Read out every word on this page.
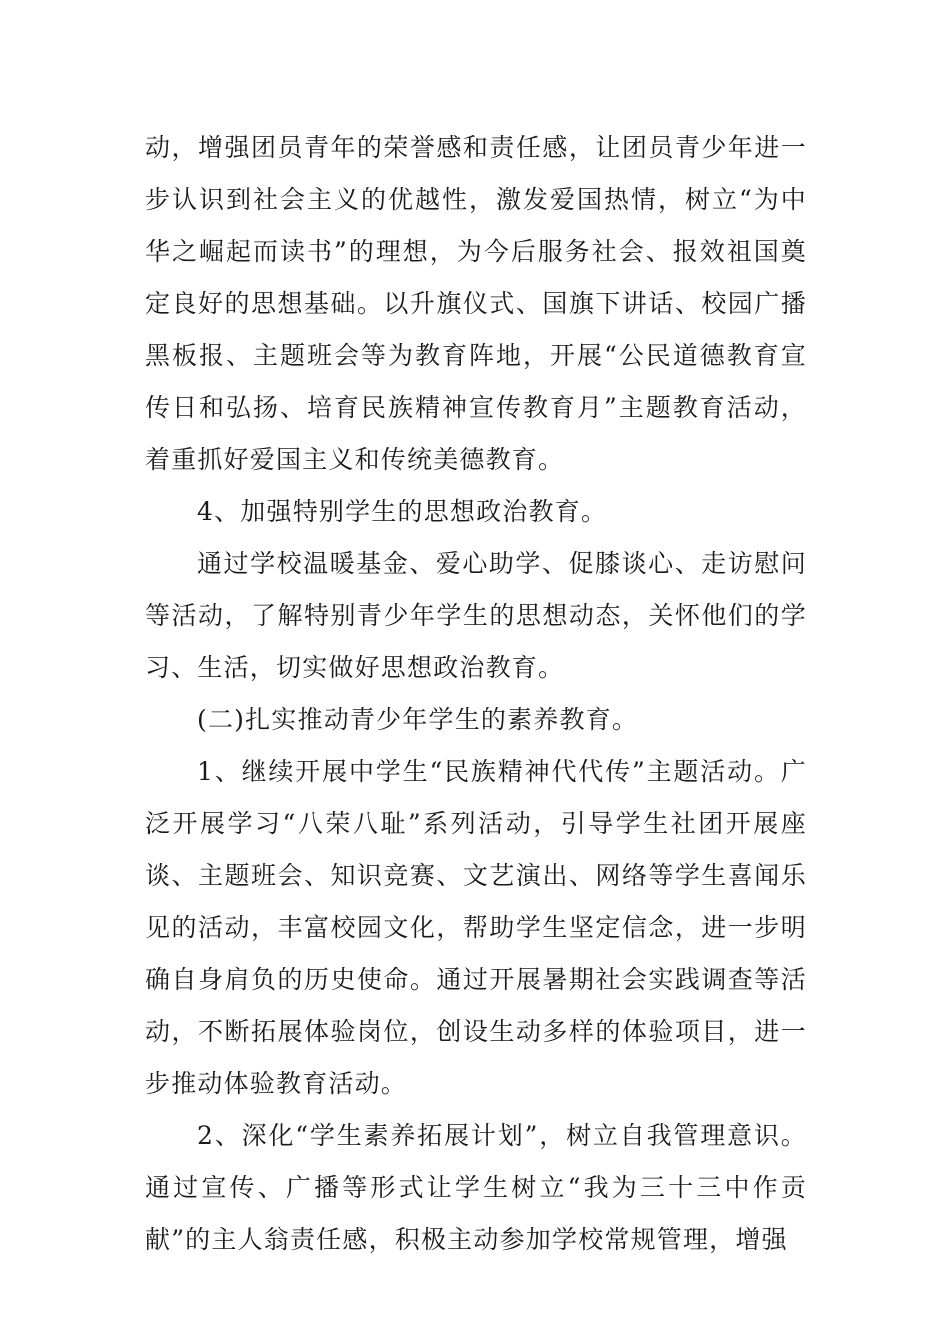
动，增强团员青年的荣誉感和责任感，让团员青少年进一步认识到社会主义的优越性，激发爱国热情，树立“为中华之崛起而读书”的理想，为今后服务社会、报效祖国奠定良好的思想基础。以升旗仪式、国旗下讲话、校园广播黑板报、主题班会等为教育阵地，开展“公民道德教育宣传日和弘扬、培育民族精神宣传教育月”主题教育活动，着重抓好爱国主义和传统美德教育。

4、加强特别学生的思想政治教育。

通过学校温暖基金、爱心助学、促膝谈心、走访慰问等活动，了解特别青少年学生的思想动态，关怀他们的学习、生活，切实做好思想政治教育。

(二)扎实推动青少年学生的素养教育。

1、继续开展中学生“民族精神代代传”主题活动。广泛开展学习“八荣八耻”系列活动，引导学生社团开展座谈、主题班会、知识竞赛、文艺演出、网络等学生喜闻乐见的活动，丰富校园文化，帮助学生坚定信念，进一步明确自身肩负的历史使命。通过开展暑期社会实践调查等活动，不断拓展体验岗位，创设生动多样的体验项目，进一步推动体验教育活动。

2、深化“学生素养拓展计划”，树立自我管理意识。通过宣传、广播等形式让学生树立“我为三十三中作贡献”的主人翁责任感，积极主动参加学校常规管理，增强
